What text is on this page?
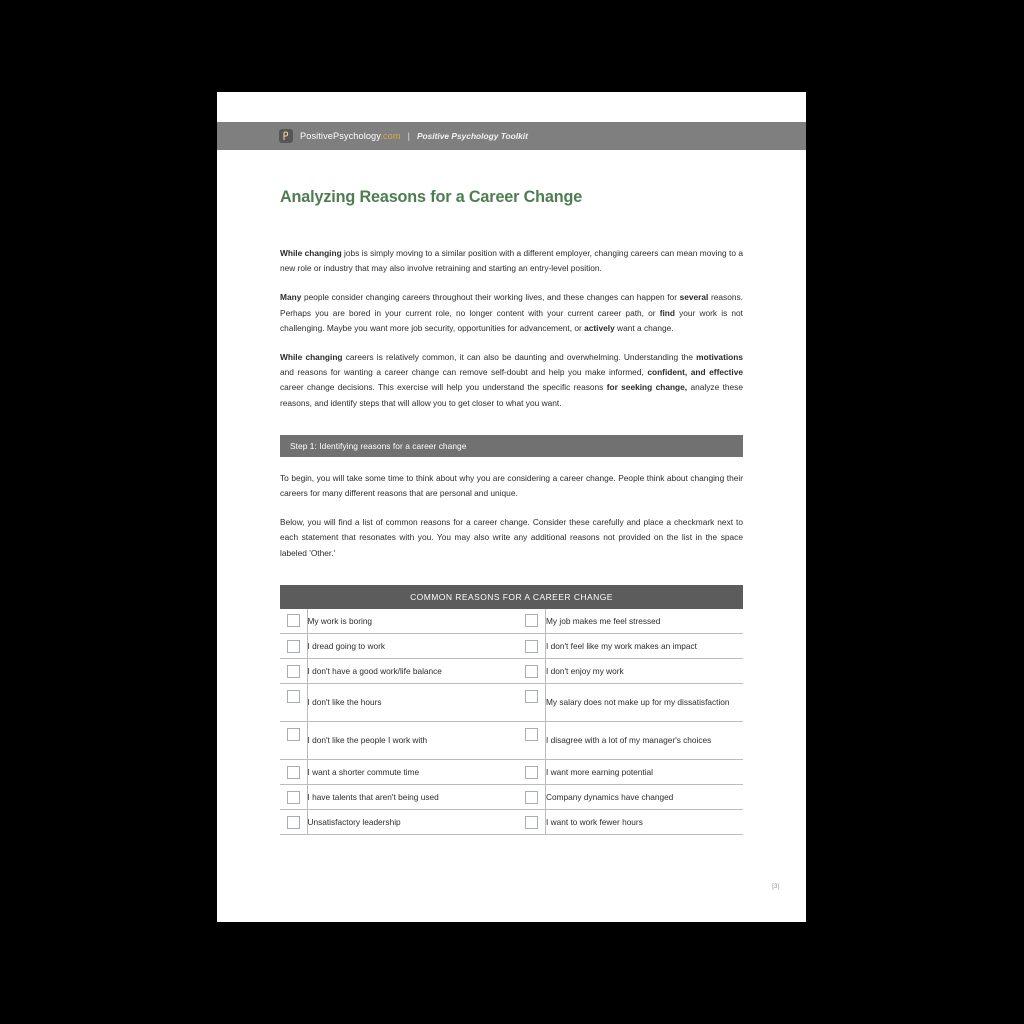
PositivePsychology.com | Positive Psychology Toolkit
Analyzing Reasons for a Career Change

While changing jobs is simply moving to a similar position with a different employer, changing careers can mean moving to a new role or industry that may also involve retraining and starting an entry-level position.

Many people consider changing careers throughout their working lives, and these changes can happen for several reasons. Perhaps you are bored in your current role, no longer content with your current career path, or find your work is not challenging. Maybe you want more job security, opportunities for advancement, or actively want a change.

While changing careers is relatively common, it can also be daunting and overwhelming. Understanding the motivations and reasons for wanting a career change can remove self-doubt and help you make informed, confident, and effective career change decisions. This exercise will help you understand the specific reasons for seeking change, analyze these reasons, and identify steps that will allow you to get closer to what you want.

Step 1: Identifying reasons for a career change

To begin, you will take some time to think about why you are considering a career change. People think about changing their careers for many different reasons that are personal and unique.

Below, you will find a list of common reasons for a career change. Consider these carefully and place a checkmark next to each statement that resonates with you. You may also write any additional reasons not provided on the list in the space labeled 'Other.'

COMMON REASONS FOR A CAREER CHANGE
	My work is boring			My job makes me feel stressed
	I dread going to work			I don't feel like my work makes an impact
	I don't have a good work/life balance			I don't enjoy my work
	I don't like the hours			My salary does not make up for my dissatisfaction
	I don't like the people I work with			I disagree with a lot of my manager's choices
	I want a shorter commute time			I want more earning potential
	I have talents that aren't being used			Company dynamics have changed
	Unsatisfactory leadership			I want to work fewer hours
[3]
